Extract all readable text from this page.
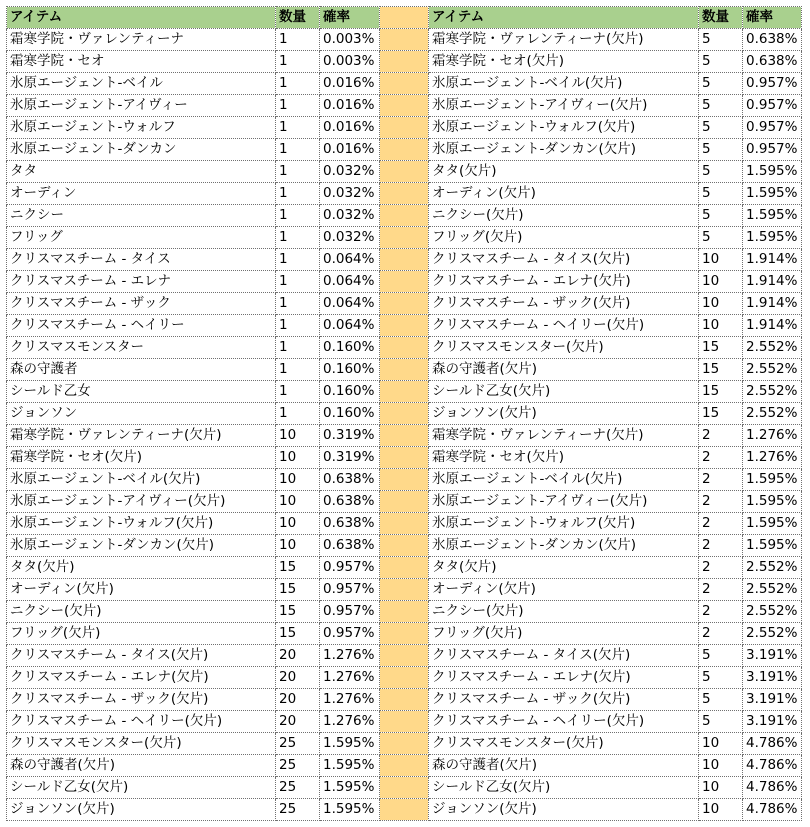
アイテム	数量	確率		アイテム	数量	確率
霜寒学院・ヴァレンティーナ	1	0.003%		霜寒学院・ヴァレンティーナ(欠片)	5	0.638%
霜寒学院・セオ	1	0.003%		霜寒学院・セオ(欠片)	5	0.638%
氷原エージェント-ベイル	1	0.016%		氷原エージェント-ベイル(欠片)	5	0.957%
氷原エージェント-アイヴィー	1	0.016%		氷原エージェント-アイヴィー(欠片)	5	0.957%
氷原エージェント-ウォルフ	1	0.016%		氷原エージェント-ウォルフ(欠片)	5	0.957%
氷原エージェント-ダンカン	1	0.016%		氷原エージェント-ダンカン(欠片)	5	0.957%
タタ	1	0.032%		タタ(欠片)	5	1.595%
オーディン	1	0.032%		オーディン(欠片)	5	1.595%
ニクシー	1	0.032%		ニクシー(欠片)	5	1.595%
フリッグ	1	0.032%		フリッグ(欠片)	5	1.595%
クリスマスチーム - タイス	1	0.064%		クリスマスチーム - タイス(欠片)	10	1.914%
クリスマスチーム - エレナ	1	0.064%		クリスマスチーム - エレナ(欠片)	10	1.914%
クリスマスチーム - ザック	1	0.064%		クリスマスチーム - ザック(欠片)	10	1.914%
クリスマスチーム - ヘイリー	1	0.064%		クリスマスチーム - ヘイリー(欠片)	10	1.914%
クリスマスモンスター	1	0.160%		クリスマスモンスター(欠片)	15	2.552%
森の守護者	1	0.160%		森の守護者(欠片)	15	2.552%
シールド乙女	1	0.160%		シールド乙女(欠片)	15	2.552%
ジョンソン	1	0.160%		ジョンソン(欠片)	15	2.552%
霜寒学院・ヴァレンティーナ(欠片)	10	0.319%		霜寒学院・ヴァレンティーナ(欠片)	2	1.276%
霜寒学院・セオ(欠片)	10	0.319%		霜寒学院・セオ(欠片)	2	1.276%
氷原エージェント-ベイル(欠片)	10	0.638%		氷原エージェント-ベイル(欠片)	2	1.595%
氷原エージェント-アイヴィー(欠片)	10	0.638%		氷原エージェント-アイヴィー(欠片)	2	1.595%
氷原エージェント-ウォルフ(欠片)	10	0.638%		氷原エージェント-ウォルフ(欠片)	2	1.595%
氷原エージェント-ダンカン(欠片)	10	0.638%		氷原エージェント-ダンカン(欠片)	2	1.595%
タタ(欠片)	15	0.957%		タタ(欠片)	2	2.552%
オーディン(欠片)	15	0.957%		オーディン(欠片)	2	2.552%
ニクシー(欠片)	15	0.957%		ニクシー(欠片)	2	2.552%
フリッグ(欠片)	15	0.957%		フリッグ(欠片)	2	2.552%
クリスマスチーム - タイス(欠片)	20	1.276%		クリスマスチーム - タイス(欠片)	5	3.191%
クリスマスチーム - エレナ(欠片)	20	1.276%		クリスマスチーム - エレナ(欠片)	5	3.191%
クリスマスチーム - ザック(欠片)	20	1.276%		クリスマスチーム - ザック(欠片)	5	3.191%
クリスマスチーム - ヘイリー(欠片)	20	1.276%		クリスマスチーム - ヘイリー(欠片)	5	3.191%
クリスマスモンスター(欠片)	25	1.595%		クリスマスモンスター(欠片)	10	4.786%
森の守護者(欠片)	25	1.595%		森の守護者(欠片)	10	4.786%
シールド乙女(欠片)	25	1.595%		シールド乙女(欠片)	10	4.786%
ジョンソン(欠片)	25	1.595%		ジョンソン(欠片)	10	4.786%
